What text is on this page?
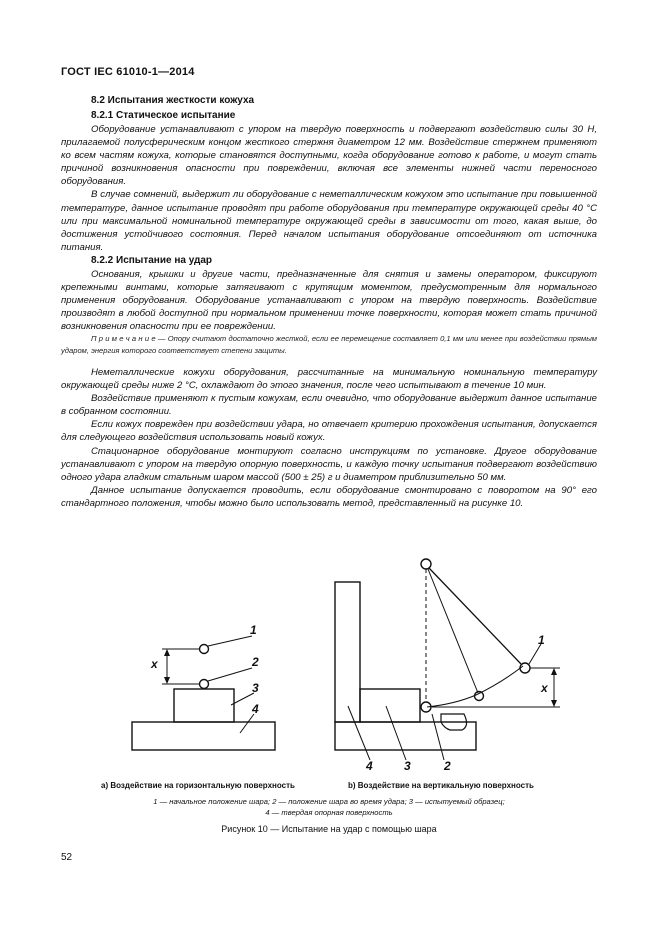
ГОСТ IEC 61010-1—2014
8.2 Испытания жесткости кожуха
8.2.1 Статическое испытание

Оборудование устанавливают с упором на твердую поверхность и подвергают воздействию силы 30 Н, прилагаемой полусферическим концом жесткого стержня диаметром 12 мм. Воздействие стержнем применяют ко всем частям кожуха, которые становятся доступными, когда оборудование готово к работе, и могут стать причиной возникновения опасности при повреждении, включая все элементы нижней части переносного оборудования.

В случае сомнений, выдержит ли оборудование с неметаллическим кожухом это испытание при повышенной температуре, данное испытание проводят при работе оборудования при температуре окружающей среды 40 °С или при максимальной номинальной температуре окружающей среды в зависимости от того, какая выше, до достижения устойчивого состояния. Перед началом испытания оборудование отсоединяют от источника питания.

8.2.2 Испытание на удар

Основания, крышки и другие части, предназначенные для снятия и замены оператором, фиксируют крепежными винтами, которые затягивают с крутящим моментом, предусмотренным для нормального применения оборудования. Оборудование устанавливают с упором на твердую поверхность. Воздействие производят в любой доступной при нормальном применении точке поверхности, которая может стать причиной возникновения опасности при ее повреждении.

П р и м е ч а н и е — Опору считают достаточно жесткой, если ее перемещение составляет 0,1 мм или менее при воздействии прямым ударом, энергия которого соответствует степени защиты.

Неметаллические кожухи оборудования, рассчитанные на минимальную номинальную температуру окружающей среды ниже 2 °С, охлаждают до этого значения, после чего испытывают в течение 10 мин.

Воздействие применяют к пустым кожухам, если очевидно, что оборудование выдержит данное испытание в собранном состоянии.

Если кожух поврежден при воздействии удара, но отвечает критерию прохождения испытания, допускается для следующего воздействия использовать новый кожух.

Стационарное оборудование монтируют согласно инструкциям по установке. Другое оборудование устанавливают с упором на твердую опорную поверхность, и каждую точку испытания подвергают воздействию одного удара гладким стальным шаром массой (500 ± 25) г и диаметром приблизительно 50 мм.

Данное испытание допускается проводить, если оборудование смонтировано с поворотом на 90° его стандартного положения, чтобы можно было использовать метод, представленный на рисунке 10.

1
2
3
4
x
1
x
4	3	2
а) Воздействие на горизонтальную поверхность	b) Воздействие на вертикальную поверхность
1 — начальное положение шара; 2 — положение шара во время удара; 3 — испытуемый образец;
4 — твердая опорная поверхность
Рисунок 10 — Испытание на удар с помощью шара
52
